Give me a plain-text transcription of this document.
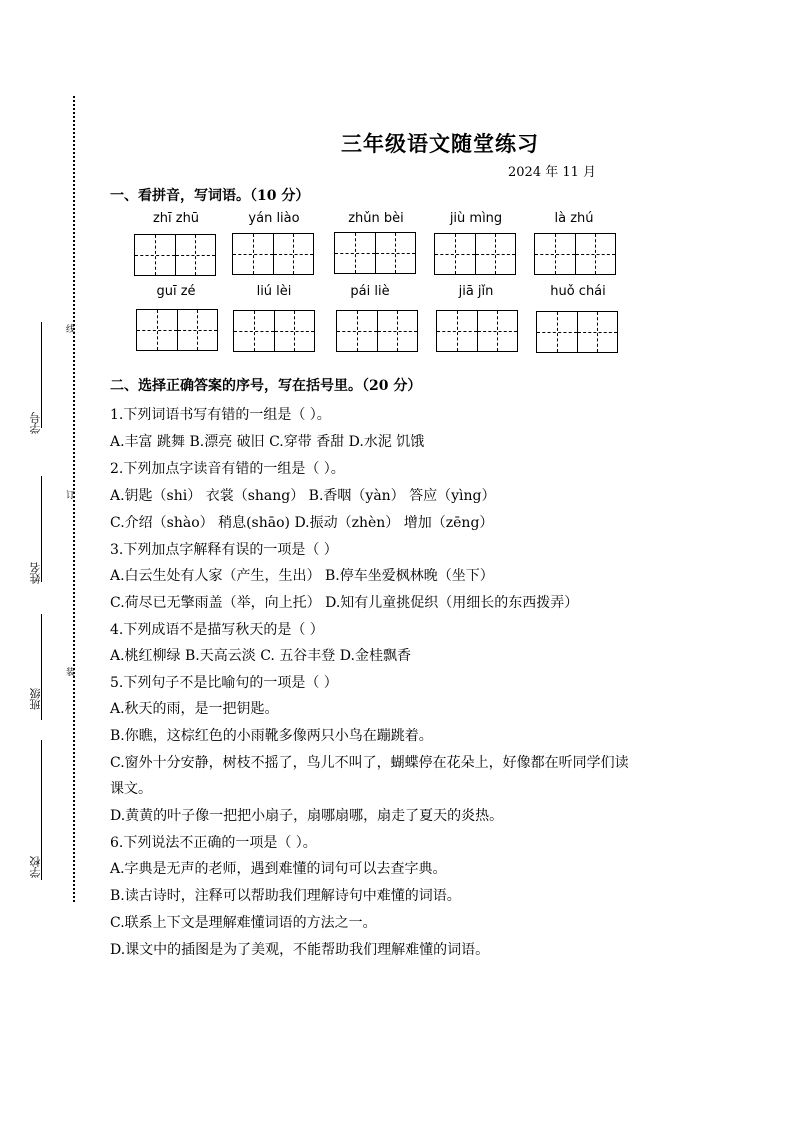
学号
姓名
班级
学校
线
订
装
三年级语文随堂练习
2024 年 11 月
一、看拼音，写词语。（10 分）
zhī zhū	yán liào	zhǔn bèi	jiù mìng	là zhú
guī zé	liú lèi	pái liè	jiā jǐn	huǒ chái
二、选择正确答案的序号，写在括号里。（20 分）
1.下列词语书写有错的一组是（ ）。
A.丰富 跳舞 B.漂亮 破旧 C.穿带 香甜 D.水泥 饥饿
2.下列加点字读音有错的一组是（ ）。
A.钥匙（shi） 衣裳（shang） B.香咽（yàn） 答应（yìng）
C.介绍（shào） 稍息(shāo) D.振动（zhèn） 增加（zēng）
3.下列加点字解释有误的一项是（ ）
A.白云生处有人家（产生，生出） B.停车坐爱枫林晚（坐下）
C.荷尽已无擎雨盖（举，向上托） D.知有儿童挑促织（用细长的东西拨弄）
4.下列成语不是描写秋天的是（ ）
A.桃红柳绿 B.天高云淡 C. 五谷丰登 D.金桂飘香
5.下列句子不是比喻句的一项是（ ）
A.秋天的雨，是一把钥匙。
B.你瞧，这棕红色的小雨靴多像两只小鸟在蹦跳着。
C.窗外十分安静，树枝不摇了，鸟儿不叫了，蝴蝶停在花朵上，好像都在听同学们读
课文。
D.黄黄的叶子像一把把小扇子，扇哪扇哪，扇走了夏天的炎热。
6.下列说法不正确的一项是（ ）。
A.字典是无声的老师，遇到难懂的词句可以去查字典。
B.读古诗时，注释可以帮助我们理解诗句中难懂的词语。
C.联系上下文是理解难懂词语的方法之一。
D.课文中的插图是为了美观，不能帮助我们理解难懂的词语。
